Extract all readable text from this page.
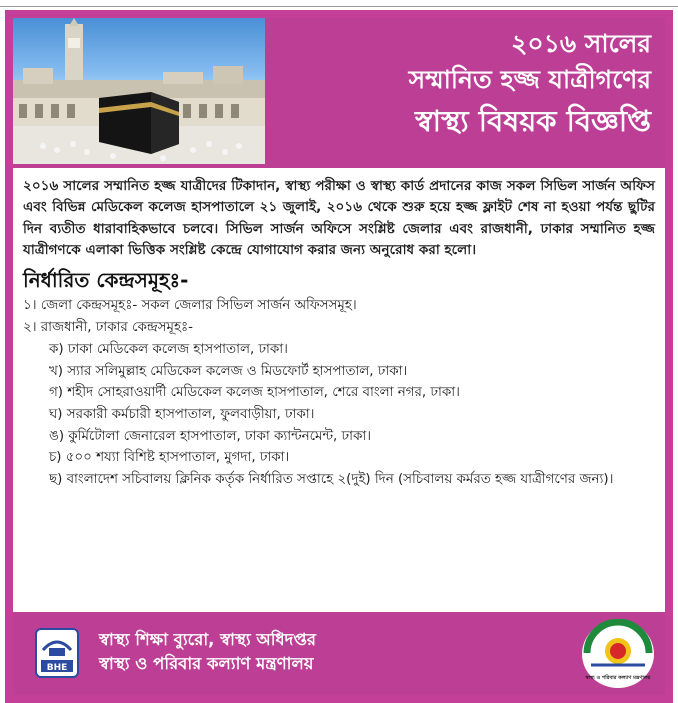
২০১৬ সালের
সম্মানিত হজ্জ যাত্রীগণের
স্বাস্থ্য বিষয়ক বিজ্ঞপ্তি

২০১৬ সালের সম্মানিত হজ্জ যাত্রীদের টিকাদান, স্বাস্থ্য পরীক্ষা ও স্বাস্থ্য কার্ড প্রদানের কাজ সকল সিভিল সার্জন অফিস এবং বিভিন্ন মেডিকেল কলেজ হাসপাতালে ২১ জুলাই, ২০১৬ থেকে শুরু হয়ে হজ্জ ফ্লাইট শেষ না হওয়া পর্যন্ত ছুটির দিন ব্যতীত ধারাবাহিকভাবে চলবে। সিভিল সার্জন অফিসে সংশ্লিষ্ট জেলার এবং রাজধানী, ঢাকার সম্মানিত হজ্জ যাত্রীগণকে এলাকা ভিত্তিক সংশ্লিষ্ট কেন্দ্রে যোগাযোগ করার জন্য অনুরোধ করা হলো।

নির্ধারিত কেন্দ্রসমূহঃ-
১। জেলা কেন্দ্রসমূহঃ- সকল জেলার সিভিল সার্জন অফিসসমূহ।
২। রাজধানী, ঢাকার কেন্দ্রসমূহঃ-
ক) ঢাকা মেডিকেল কলেজ হাসপাতাল, ঢাকা।
খ) স্যার সলিমুল্লাহ মেডিকেল কলেজ ও মিডফোর্ট হাসপাতাল, ঢাকা।
গ) শহীদ সোহরাওয়ার্দী মেডিকেল কলেজ হাসপাতাল, শেরে বাংলা নগর, ঢাকা।
ঘ) সরকারী কর্মচারী হাসপাতাল, ফুলবাড়ীয়া, ঢাকা।
ঙ) কুর্মিটোলা জেনারেল হাসপাতাল, ঢাকা ক্যান্টনমেন্ট, ঢাকা।
চ) ৫০০ শয্যা বিশিষ্ট হাসপাতাল, মুগদা, ঢাকা।
ছ) বাংলাদেশ সচিবালয় ক্লিনিক কর্তৃক নির্ধারিত সপ্তাহে ২(দুই) দিন (সচিবালয় কর্মরত হজ্জ যাত্রীগণের জন্য)।
BHE
স্বাস্থ্য শিক্ষা ব্যুরো, স্বাস্থ্য অধিদপ্তর
স্বাস্থ্য ও পরিবার কল্যাণ মন্ত্রণালয়
স্বাস্থ্য ও পরিবার কল্যাণ মন্ত্রণালয়
